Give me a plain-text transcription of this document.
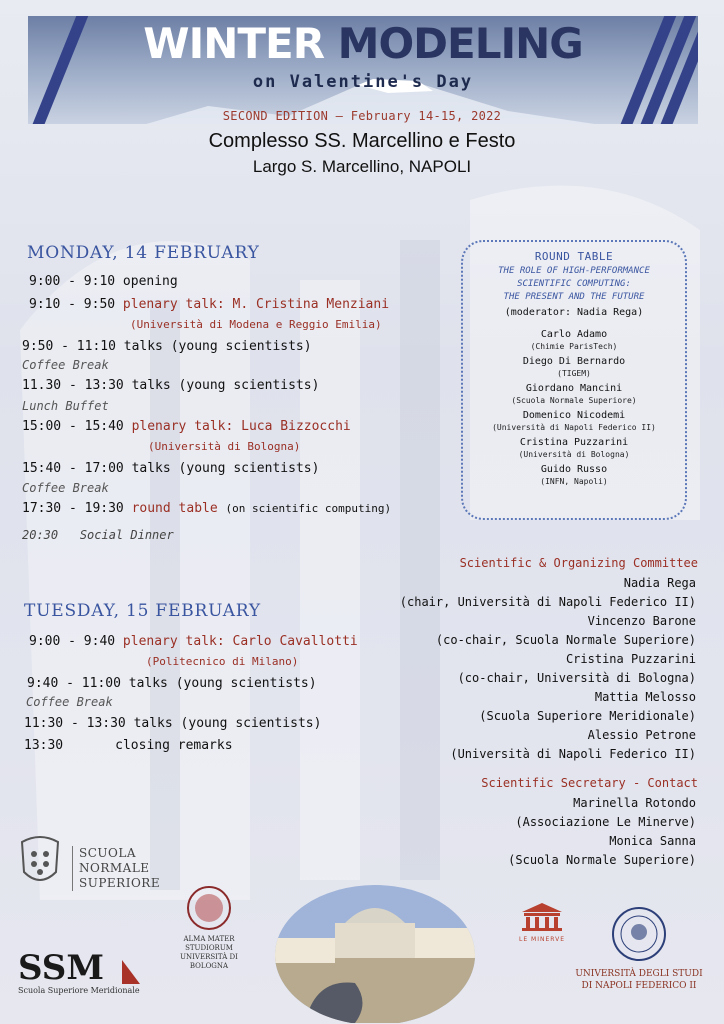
WINTER MODELING
on Valentine's Day
SECOND EDITION – February 14-15, 2022
Complesso SS. Marcellino e Festo
Largo S. Marcellino, NAPOLI
MONDAY, 14 FEBRUARY
9:00 - 9:10 opening
9:10 - 9:50 plenary talk: M. Cristina Menziani
(Università di Modena e Reggio Emilia)
9:50 - 11:10 talks (young scientists)
Coffee Break
11.30 - 13:30 talks (young scientists)
Lunch Buffet
15:00 - 15:40 plenary talk: Luca Bizzocchi
(Università di Bologna)
15:40 - 17:00 talks (young scientists)
Coffee Break
17:30 - 19:30 round table (on scientific computing)
20:30 Social Dinner
TUESDAY, 15 FEBRUARY
9:00 - 9:40 plenary talk: Carlo Cavallotti
(Politecnico di Milano)
9:40 - 11:00 talks (young scientists)
Coffee Break
11:30 - 13:30 talks (young scientists)
13:30	closing remarks
ROUND TABLE
THE ROLE OF HIGH-PERFORMANCE
SCIENTIFIC COMPUTING:
THE PRESENT AND THE FUTURE
(moderator: Nadia Rega)
Carlo Adamo
(Chimie ParisTech)
Diego Di Bernardo
(TIGEM)
Giordano Mancini
(Scuola Normale Superiore)
Domenico Nicodemi
(Università di Napoli Federico II)
Cristina Puzzarini
(Università di Bologna)
Guido Russo
(INFN, Napoli)
Scientific & Organizing Committee
Nadia Rega
(chair, Università di Napoli Federico II)
Vincenzo Barone
(co-chair, Scuola Normale Superiore)
Cristina Puzzarini
(co-chair, Università di Bologna)
Mattia Melosso
(Scuola Superiore Meridionale)
Alessio Petrone
(Università di Napoli Federico II)
Scientific Secretary - Contact
Marinella Rotondo
(Associazione Le Minerve)
Monica Sanna
(Scuola Normale Superiore)
SCUOLA
NORMALE
SUPERIORE
ALMA MATER STUDIORUM
UNIVERSITÀ DI BOLOGNA
SSM
Scuola Superiore Meridionale
LE MINERVE
UNIVERSITÀ DEGLI STUDI
DI NAPOLI FEDERICO II
